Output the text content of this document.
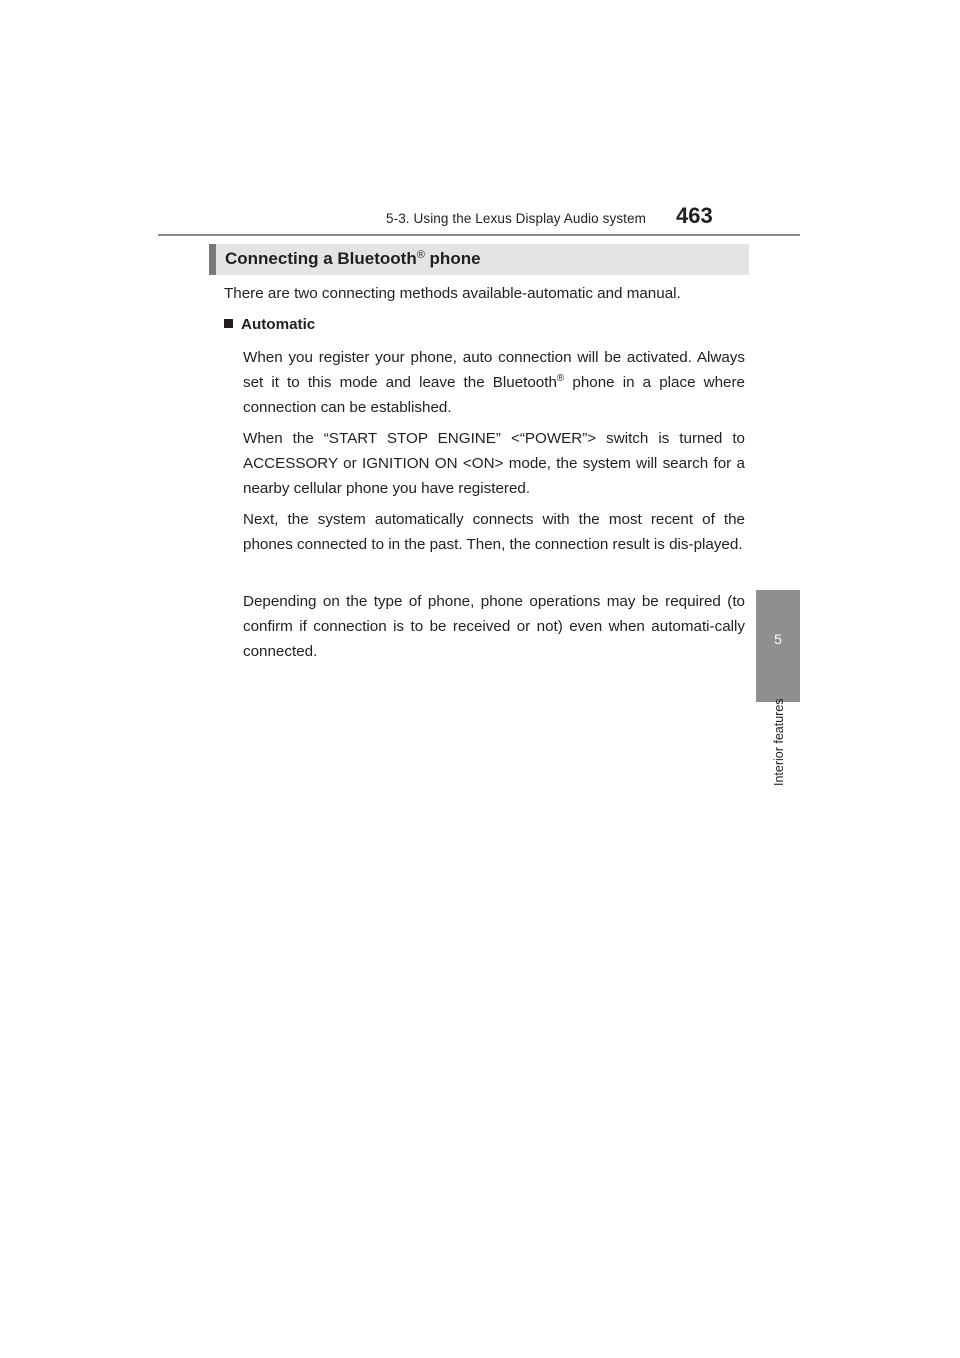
5-3. Using the Lexus Display Audio system 463
5
Interior features
Connecting a Bluetooth® phone
There are two connecting methods available-automatic and manual.
Automatic
When you register your phone, auto connection will be activated. Always set it to this mode and leave the Bluetooth® phone in a place where connection can be established.
When the “START STOP ENGINE” <“POWER”> switch is turned to ACCESSORY or IGNITION ON <ON> mode, the system will search for a nearby cellular phone you have registered.
Next, the system automatically connects with the most recent of the phones connected to in the past. Then, the connection result is dis-played.
Depending on the type of phone, phone operations may be required (to confirm if connection is to be received or not) even when automati-cally connected.
